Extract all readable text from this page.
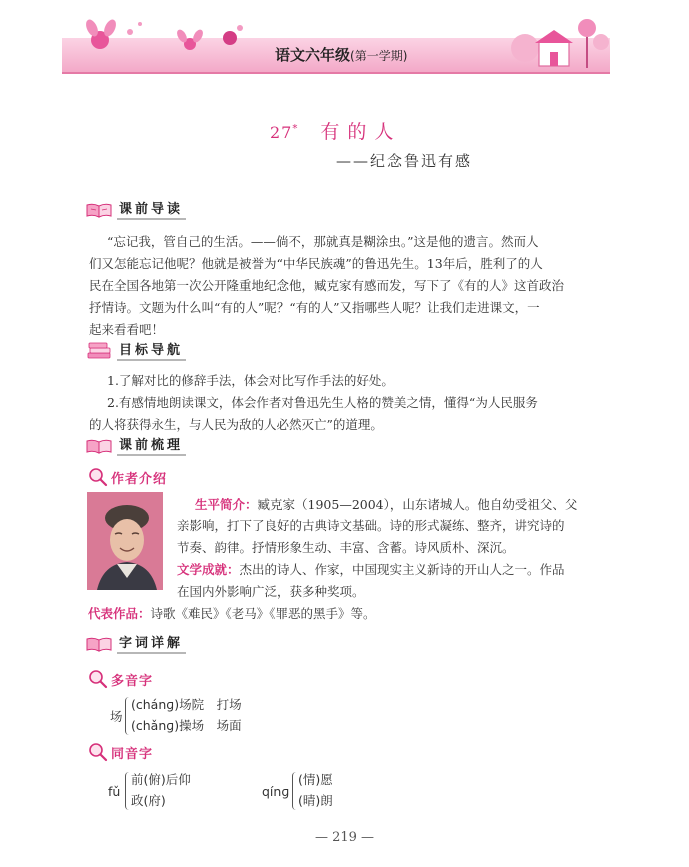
语文六年级(第一学期)
27* 有的人
——纪念鲁迅有感
课前导读
“忘记我，管自己的生活。——倘不，那就真是糊涂虫。”这是他的遗言。然而人
们又怎能忘记他呢？他就是被誉为“中华民族魂”的鲁迅先生。13年后，胜利了的人
民在全国各地第一次公开隆重地纪念他，臧克家有感而发，写下了《有的人》这首政治
抒情诗。文题为什么叫“有的人”呢？“有的人”又指哪些人呢？让我们走进课文，一
起来看看吧！
目标导航
1.了解对比的修辞手法，体会对比写作手法的好处。
2.有感情地朗读课文，体会作者对鲁迅先生人格的赞美之情，懂得“为人民服务
的人将获得永生，与人民为敌的人必然灭亡”的道理。
课前梳理
作者介绍
生平简介：臧克家（1905—2004），山东诸城人。他自幼受祖父、父
亲影响，打下了良好的古典诗文基础。诗的形式凝练、整齐，讲究诗的
节奏、韵律。抒情形象生动、丰富、含蓄。诗风质朴、深沉。
文学成就：杰出的诗人、作家，中国现实主义新诗的开山人之一。作品
在国内外影响广泛，获多种奖项。
代表作品：诗歌《难民》《老马》《罪恶的黑手》等。
字词详解
多音字
场
(chánɡ)场院　打场
(chǎnɡ)操场　场面
同音字
fǔ
前(俯)后仰
政(府)
qínɡ
(情)愿
(晴)朗
— 219 —
